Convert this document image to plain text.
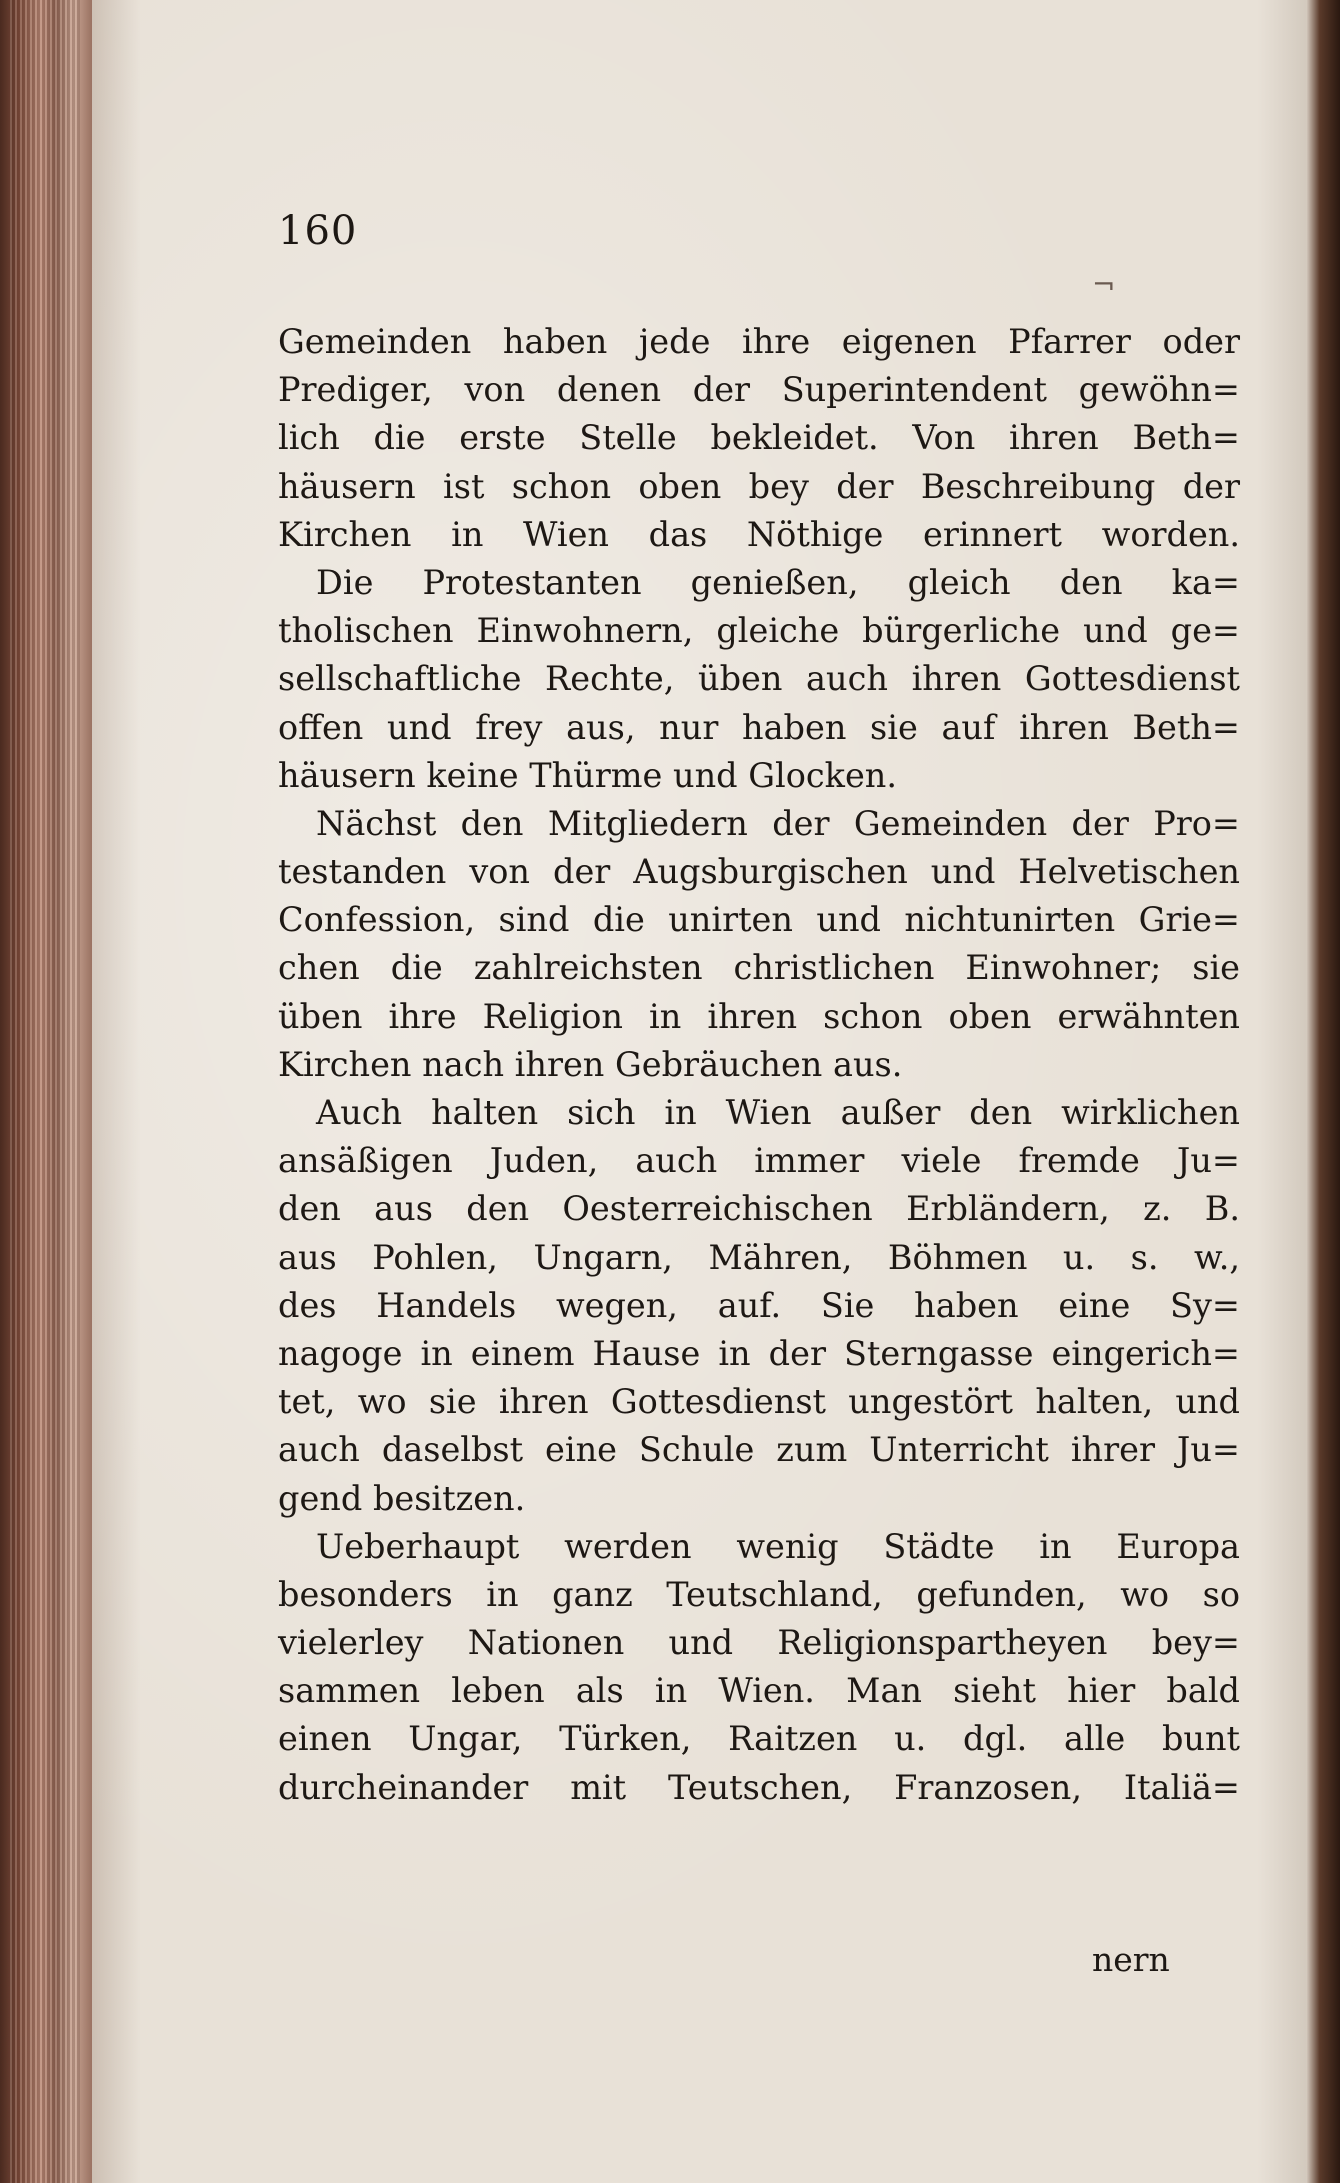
160
¬
Gemeinden haben jede ihre eigenen Pfarrer oder
Prediger, von denen der Superintendent gewöhn=
lich die erste Stelle bekleidet. Von ihren Beth=
häusern ist schon oben bey der Beschreibung der
Kirchen in Wien das Nöthige erinnert worden.
Die Protestanten genießen, gleich den ka=
tholischen Einwohnern, gleiche bürgerliche und ge=
sellschaftliche Rechte, üben auch ihren Gottesdienst
offen und frey aus, nur haben sie auf ihren Beth=
häusern keine Thürme und Glocken.
Nächst den Mitgliedern der Gemeinden der Pro=
testanden von der Augsburgischen und Helvetischen
Confession, sind die unirten und nichtunirten Grie=
chen die zahlreichsten christlichen Einwohner; sie
üben ihre Religion in ihren schon oben erwähnten
Kirchen nach ihren Gebräuchen aus.
Auch halten sich in Wien außer den wirklichen
ansäßigen Juden, auch immer viele fremde Ju=
den aus den Oesterreichischen Erbländern, z. B.
aus Pohlen, Ungarn, Mähren, Böhmen u. s. w.,
des Handels wegen, auf. Sie haben eine Sy=
nagoge in einem Hause in der Sterngasse eingerich=
tet, wo sie ihren Gottesdienst ungestört halten, und
auch daselbst eine Schule zum Unterricht ihrer Ju=
gend besitzen.
Ueberhaupt werden wenig Städte in Europa
besonders in ganz Teutschland, gefunden, wo so
vielerley Nationen und Religionspartheyen bey=
sammen leben als in Wien. Man sieht hier bald
einen Ungar, Türken, Raitzen u. dgl. alle bunt
durcheinander mit Teutschen, Franzosen, Italiä=
nern
